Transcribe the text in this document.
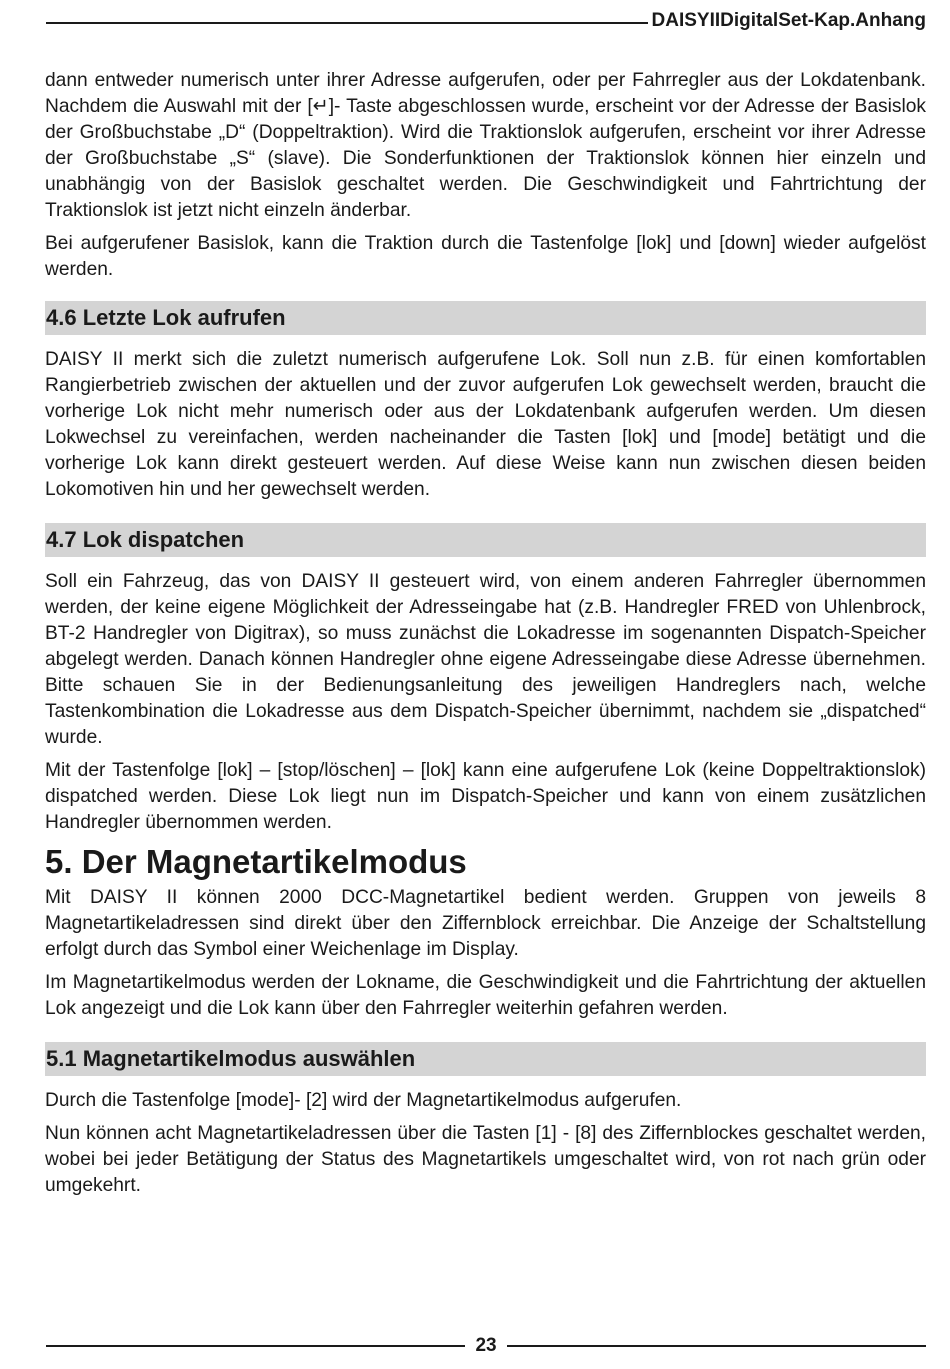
DAISYIIDigitalSet-Kap.Anhang

dann entweder numerisch unter ihrer Adresse aufgerufen, oder per Fahrregler aus der Lokdatenbank. Nachdem die Auswahl mit der [↵]- Taste abgeschlossen wurde, erscheint vor der Adresse der Basislok der Großbuchstabe „D“ (Doppeltraktion). Wird die Traktionslok aufgerufen, erscheint vor ihrer Adresse der Großbuchstabe „S“ (slave). Die Sonderfunktionen der Traktionslok können hier einzeln und unabhängig von der Basislok geschaltet werden. Die Geschwindigkeit und Fahrtrichtung der Traktionslok ist jetzt nicht einzeln änderbar.

Bei aufgerufener Basislok, kann die Traktion durch die Tastenfolge [lok] und [down] wieder aufgelöst werden.

4.6 Letzte Lok aufrufen

DAISY II merkt sich die zuletzt numerisch aufgerufene Lok. Soll nun z.B. für einen komfortablen Rangierbetrieb zwischen der aktuellen und der zuvor aufgerufen Lok gewechselt werden, braucht die vorherige Lok nicht mehr numerisch oder aus der Lokdatenbank aufgerufen werden. Um diesen Lokwechsel zu vereinfachen, werden nacheinander die Tasten [lok] und [mode] betätigt und die vorherige Lok kann direkt gesteuert werden. Auf diese Weise kann nun zwischen diesen beiden Lokomotiven hin und her gewechselt werden.

4.7 Lok dispatchen

Soll ein Fahrzeug, das von DAISY II gesteuert wird, von einem anderen Fahrregler übernommen werden, der keine eigene Möglichkeit der Adresseingabe hat (z.B. Handregler FRED von Uhlenbrock, BT-2 Handregler von Digitrax), so muss zunächst die Lokadresse im sogenannten Dispatch-Speicher abgelegt werden. Danach können Handregler ohne eigene Adresseingabe diese Adresse übernehmen. Bitte schauen Sie in der Bedienungsanleitung des jeweiligen Handreglers nach, welche Tastenkombination die Lokadresse aus dem Dispatch-Speicher übernimmt, nachdem sie „dispatched“ wurde.

Mit der Tastenfolge [lok] – [stop/löschen] – [lok] kann eine aufgerufene Lok (keine Doppeltraktionslok) dispatched werden. Diese Lok liegt nun im Dispatch-Speicher und kann von einem zusätzlichen Handregler übernommen werden.

5. Der Magnetartikelmodus

Mit DAISY II können 2000 DCC-Magnetartikel bedient werden. Gruppen von jeweils 8 Magnetartikeladressen sind direkt über den Ziffernblock erreichbar. Die Anzeige der Schaltstellung erfolgt durch das Symbol einer Weichenlage im Display.

Im Magnetartikelmodus werden der Lokname, die Geschwindigkeit und die Fahrtrichtung der aktuellen Lok angezeigt und die Lok kann über den Fahrregler weiterhin gefahren werden.

5.1 Magnetartikelmodus auswählen

Durch die Tastenfolge [mode]- [2] wird der Magnetartikelmodus aufgerufen.

Nun können acht Magnetartikeladressen über die Tasten [1] - [8] des Ziffernblockes geschaltet werden, wobei bei jeder Betätigung der Status des Magnetartikels umgeschaltet wird, von rot nach grün oder umgekehrt.

23
